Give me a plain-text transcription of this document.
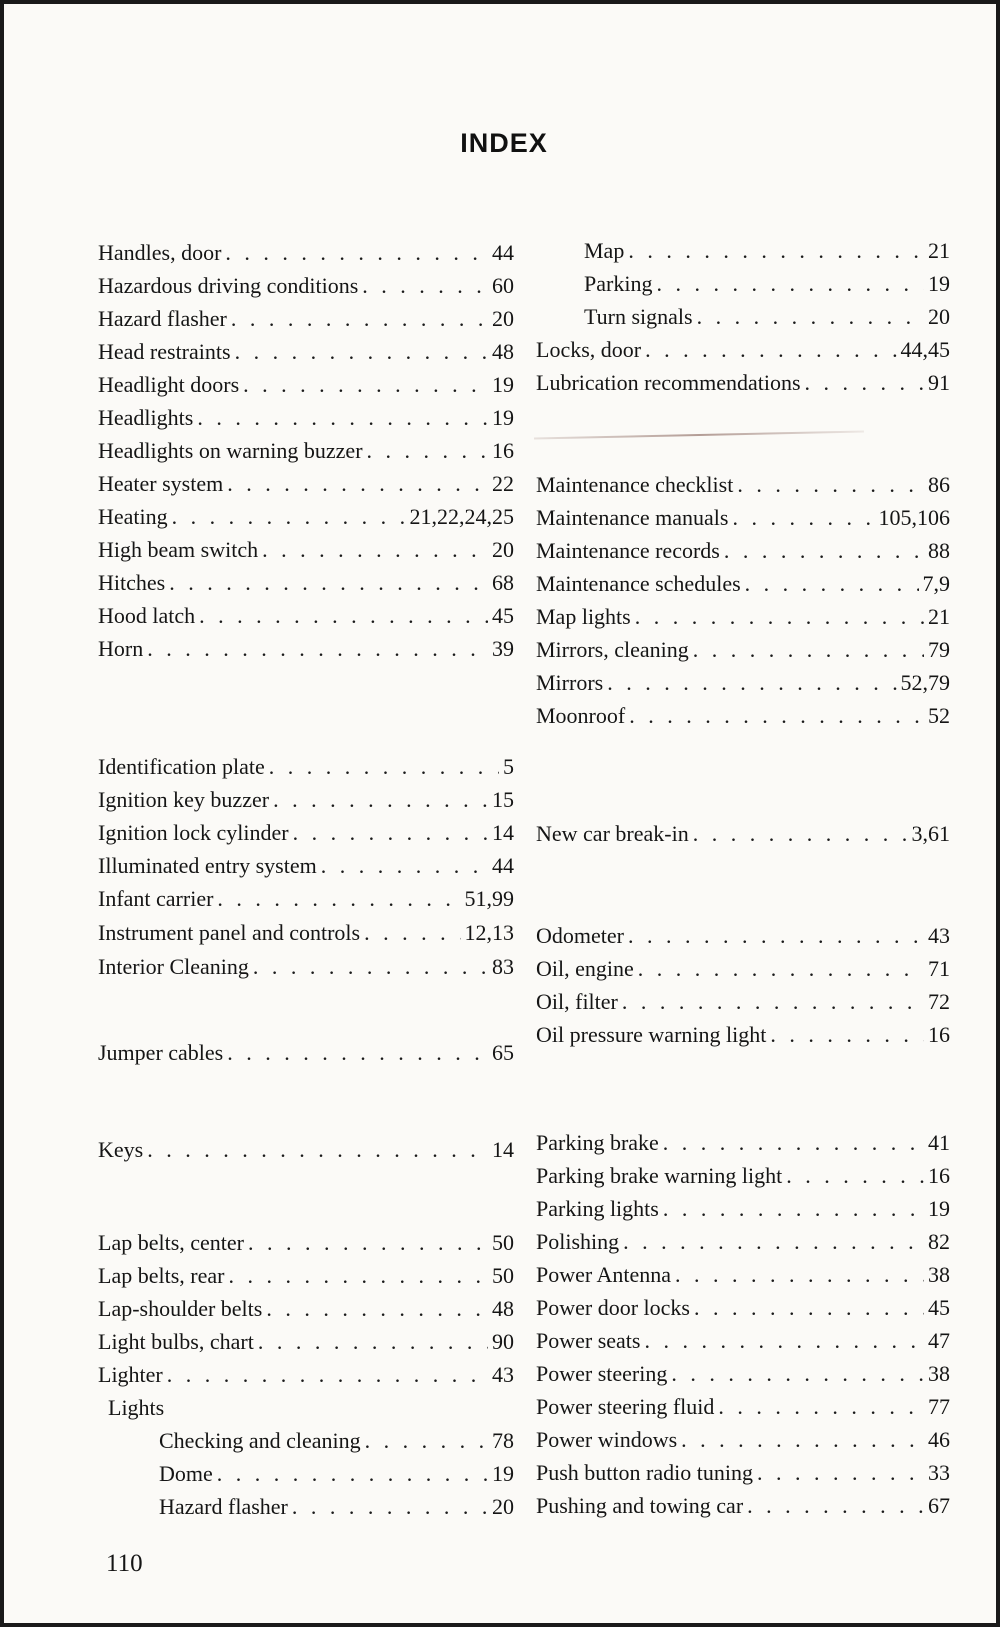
INDEX
Handles, door . . .	44
Hazardous driving conditions . . .	60
Hazard flasher . . .	20
Head restraints . . .	48
Headlight doors . . .	19
Headlights . . .	19
Headlights on warning buzzer . . .	16
Heater system . . .	22
Heating . . .	21,22,24,25
High beam switch . . .	20
Hitches . . .	68
Hood latch . . .	45
Horn . . .	39
Identification plate . . .	5
Ignition key buzzer . . .	15
Ignition lock cylinder . . .	14
Illuminated entry system . . .	44
Infant carrier . . .	51,99
Instrument panel and controls . . .	12,13
Interior Cleaning . . .	83
Jumper cables . . .	65
Keys . . .	14
Lap belts, center . . .	50
Lap belts, rear . . .	50
Lap-shoulder belts . . .	48
Light bulbs, chart . . .	90
Lighter . . .	43
Lights
Checking and cleaning . . .	78
Dome . . .	19
Hazard flasher . . .	20
Map . . .	21
Parking . . .	19
Turn signals . . .	20
Locks, door . . .	44,45
Lubrication recommendations . . .	91
Maintenance checklist . . .	86
Maintenance manuals . . .	105,106
Maintenance records . . .	88
Maintenance schedules . . .	7,9
Map lights . . .	21
Mirrors, cleaning . . .	79
Mirrors . . .	52,79
Moonroof . . .	52
New car break-in . . .	3,61
Odometer . . .	43
Oil, engine . . .	71
Oil, filter . . .	72
Oil pressure warning light . . .	16
Parking brake . . .	41
Parking brake warning light . . .	16
Parking lights . . .	19
Polishing . . .	82
Power Antenna . . .	38
Power door locks . . .	45
Power seats . . .	47
Power steering . . .	38
Power steering fluid . . .	77
Power windows . . .	46
Push button radio tuning . . .	33
Pushing and towing car . . .	67
110
